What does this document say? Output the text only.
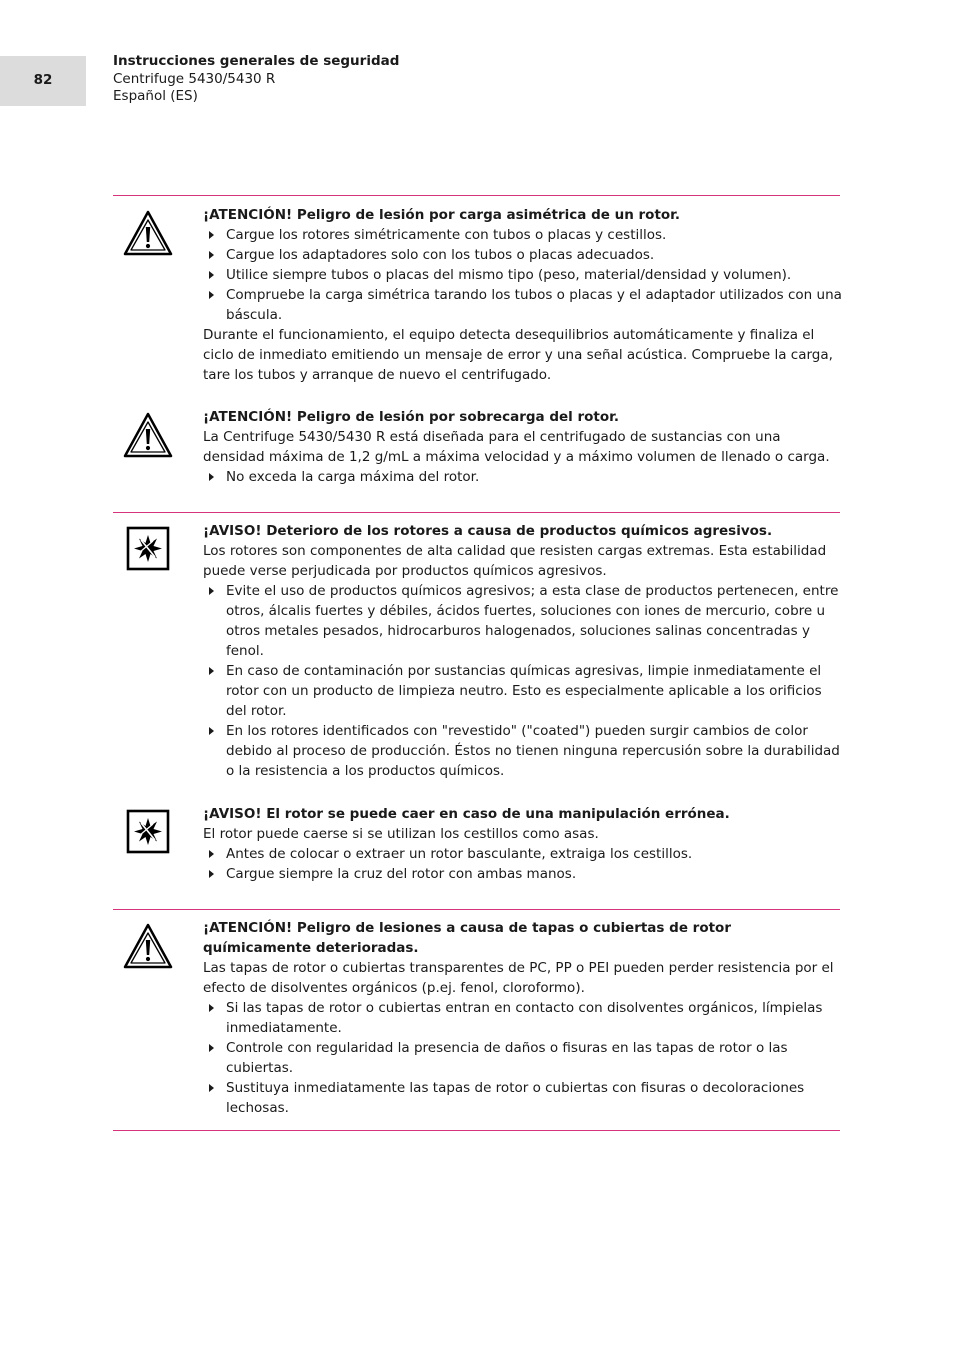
82
Instrucciones generales de seguridad
Centrifuge 5430/5430 R
Español (ES)
¡ATENCIÓN! Peligro de lesión por carga asimétrica de un rotor.
Cargue los rotores simétricamente con tubos o placas y cestillos.
Cargue los adaptadores solo con los tubos o placas adecuados.
Utilice siempre tubos o placas del mismo tipo (peso, material/densidad y volumen).
Compruebe la carga simétrica tarando los tubos o placas y el adaptador utilizados con una báscula.

Durante el funcionamiento, el equipo detecta desequilibrios automáticamente y finaliza el ciclo de inmediato emitiendo un mensaje de error y una señal acústica. Compruebe la carga, tare los tubos y arranque de nuevo el centrifugado.

¡ATENCIÓN! Peligro de lesión por sobrecarga del rotor.

La Centrifuge 5430/5430 R está diseñada para el centrifugado de sustancias con una densidad máxima de 1,2 g/mL a máxima velocidad y a máximo volumen de llenado o carga.

No exceda la carga máxima del rotor.
¡AVISO! Deterioro de los rotores a causa de productos químicos agresivos.

Los rotores son componentes de alta calidad que resisten cargas extremas. Esta estabilidad puede verse perjudicada por productos químicos agresivos.

Evite el uso de productos químicos agresivos; a esta clase de productos pertenecen, entre otros, álcalis fuertes y débiles, ácidos fuertes, soluciones con iones de mercurio, cobre u otros metales pesados, hidrocarburos halogenados, soluciones salinas concentradas y fenol.
En caso de contaminación por sustancias químicas agresivas, limpie inmediatamente el rotor con un producto de limpieza neutro. Esto es especialmente aplicable a los orificios del rotor.
En los rotores identificados con "revestido" ("coated") pueden surgir cambios de color debido al proceso de producción. Éstos no tienen ninguna repercusión sobre la durabilidad o la resistencia a los productos químicos.
¡AVISO! El rotor se puede caer en caso de una manipulación errónea.

El rotor puede caerse si se utilizan los cestillos como asas.

Antes de colocar o extraer un rotor basculante, extraiga los cestillos.
Cargue siempre la cruz del rotor con ambas manos.
¡ATENCIÓN! Peligro de lesiones a causa de tapas o cubiertas de rotor químicamente deterioradas.

Las tapas de rotor o cubiertas transparentes de PC, PP o PEI pueden perder resistencia por el efecto de disolventes orgánicos (p.ej. fenol, cloroformo).

Si las tapas de rotor o cubiertas entran en contacto con disolventes orgánicos, límpielas inmediatamente.
Controle con regularidad la presencia de daños o fisuras en las tapas de rotor o las cubiertas.
Sustituya inmediatamente las tapas de rotor o cubiertas con fisuras o decoloraciones lechosas.
